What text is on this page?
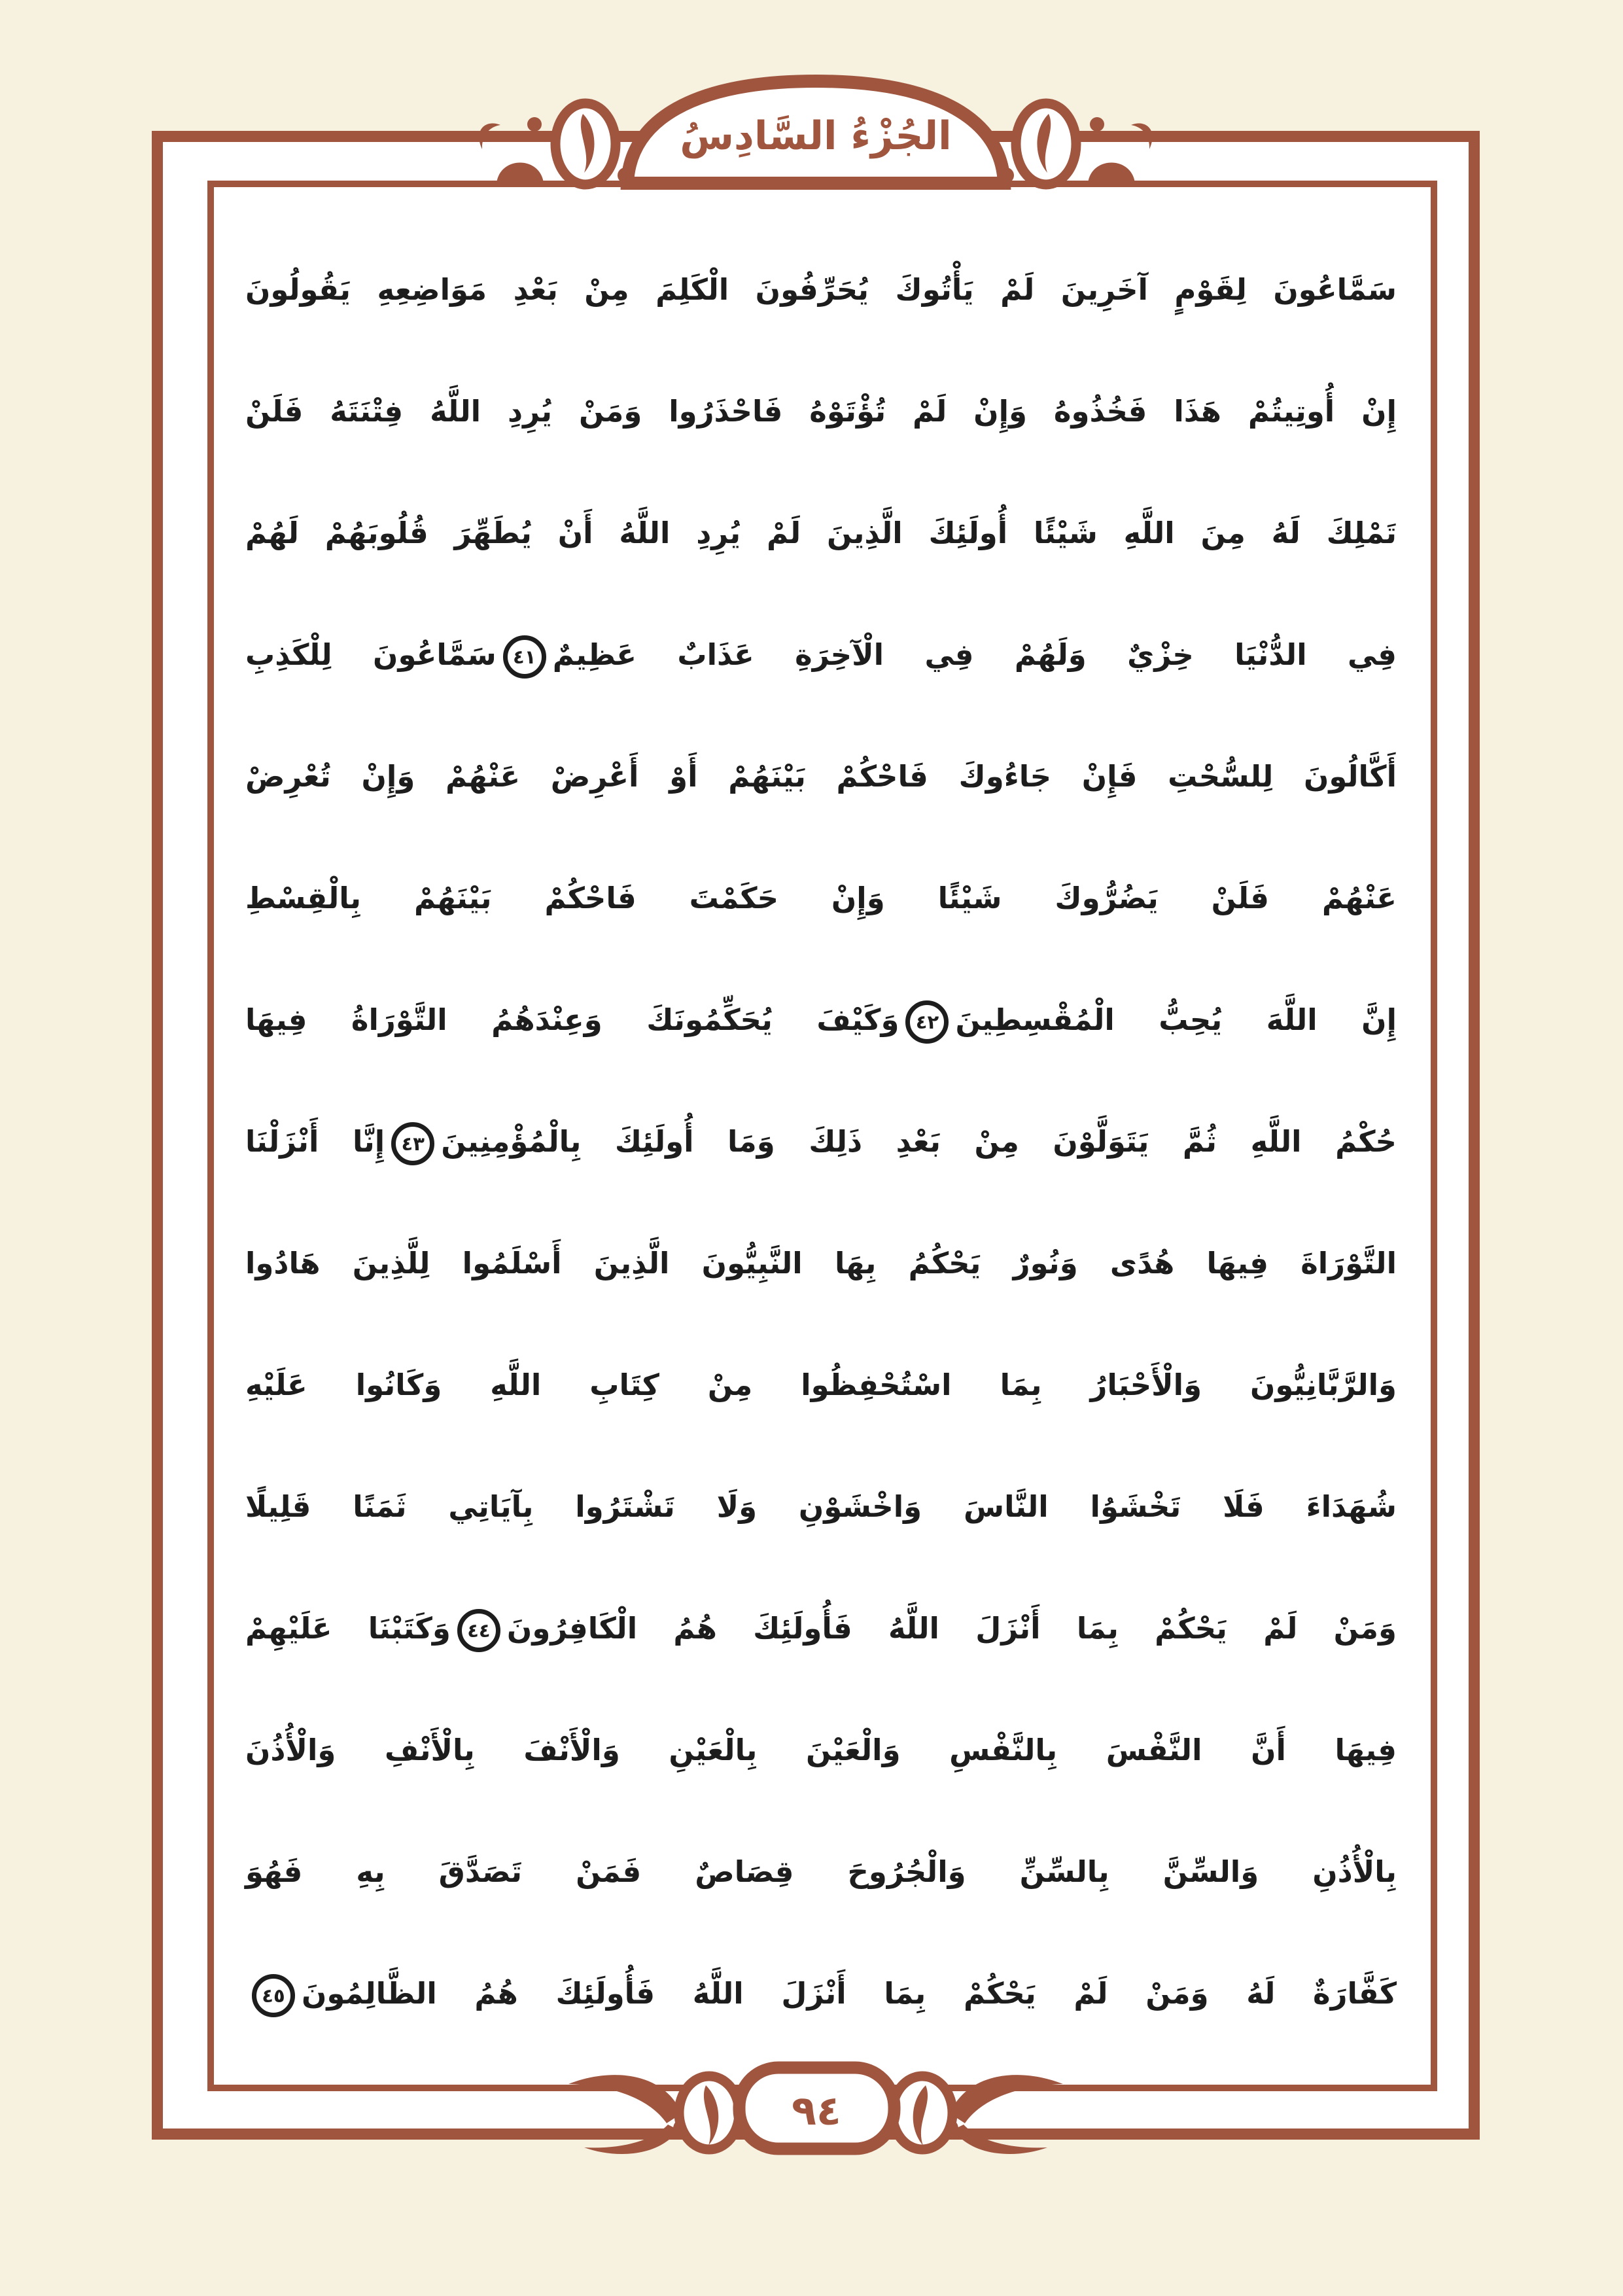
الجُزْءُ السَّادِسُ
سَمَّاعُونَ لِقَوْمٍ آخَرِينَ لَمْ يَأْتُوكَ يُحَرِّفُونَ الْكَلِمَ مِنْ بَعْدِ مَوَاضِعِهِ يَقُولُونَ
إِنْ أُوتِيتُمْ هَذَا فَخُذُوهُ وَإِنْ لَمْ تُؤْتَوْهُ فَاحْذَرُوا وَمَنْ يُرِدِ اللَّهُ فِتْنَتَهُ فَلَنْ
تَمْلِكَ لَهُ مِنَ اللَّهِ شَيْئًا أُولَئِكَ الَّذِينَ لَمْ يُرِدِ اللَّهُ أَنْ يُطَهِّرَ قُلُوبَهُمْ لَهُمْ
فِي الدُّنْيَا خِزْيٌ وَلَهُمْ فِي الْآخِرَةِ عَذَابٌ عَظِيمٌ٤١سَمَّاعُونَ لِلْكَذِبِ
أَكَّالُونَ لِلسُّحْتِ فَإِنْ جَاءُوكَ فَاحْكُمْ بَيْنَهُمْ أَوْ أَعْرِضْ عَنْهُمْ وَإِنْ تُعْرِضْ
عَنْهُمْ فَلَنْ يَضُرُّوكَ شَيْئًا وَإِنْ حَكَمْتَ فَاحْكُمْ بَيْنَهُمْ بِالْقِسْطِ
إِنَّ اللَّهَ يُحِبُّ الْمُقْسِطِينَ٤٢وَكَيْفَ يُحَكِّمُونَكَ وَعِنْدَهُمُ التَّوْرَاةُ فِيهَا
حُكْمُ اللَّهِ ثُمَّ يَتَوَلَّوْنَ مِنْ بَعْدِ ذَلِكَ وَمَا أُولَئِكَ بِالْمُؤْمِنِينَ٤٣إِنَّا أَنْزَلْنَا
التَّوْرَاةَ فِيهَا هُدًى وَنُورٌ يَحْكُمُ بِهَا النَّبِيُّونَ الَّذِينَ أَسْلَمُوا لِلَّذِينَ هَادُوا
وَالرَّبَّانِيُّونَ وَالْأَحْبَارُ بِمَا اسْتُحْفِظُوا مِنْ كِتَابِ اللَّهِ وَكَانُوا عَلَيْهِ
شُهَدَاءَ فَلَا تَخْشَوُا النَّاسَ وَاخْشَوْنِ وَلَا تَشْتَرُوا بِآيَاتِي ثَمَنًا قَلِيلًا
وَمَنْ لَمْ يَحْكُمْ بِمَا أَنْزَلَ اللَّهُ فَأُولَئِكَ هُمُ الْكَافِرُونَ٤٤وَكَتَبْنَا عَلَيْهِمْ
فِيهَا أَنَّ النَّفْسَ بِالنَّفْسِ وَالْعَيْنَ بِالْعَيْنِ وَالْأَنْفَ بِالْأَنْفِ وَالْأُذُنَ
بِالْأُذُنِ وَالسِّنَّ بِالسِّنِّ وَالْجُرُوحَ قِصَاصٌ فَمَنْ تَصَدَّقَ بِهِ فَهُوَ
كَفَّارَةٌ لَهُ وَمَنْ لَمْ يَحْكُمْ بِمَا أَنْزَلَ اللَّهُ فَأُولَئِكَ هُمُ الظَّالِمُونَ٤٥
٩٤
